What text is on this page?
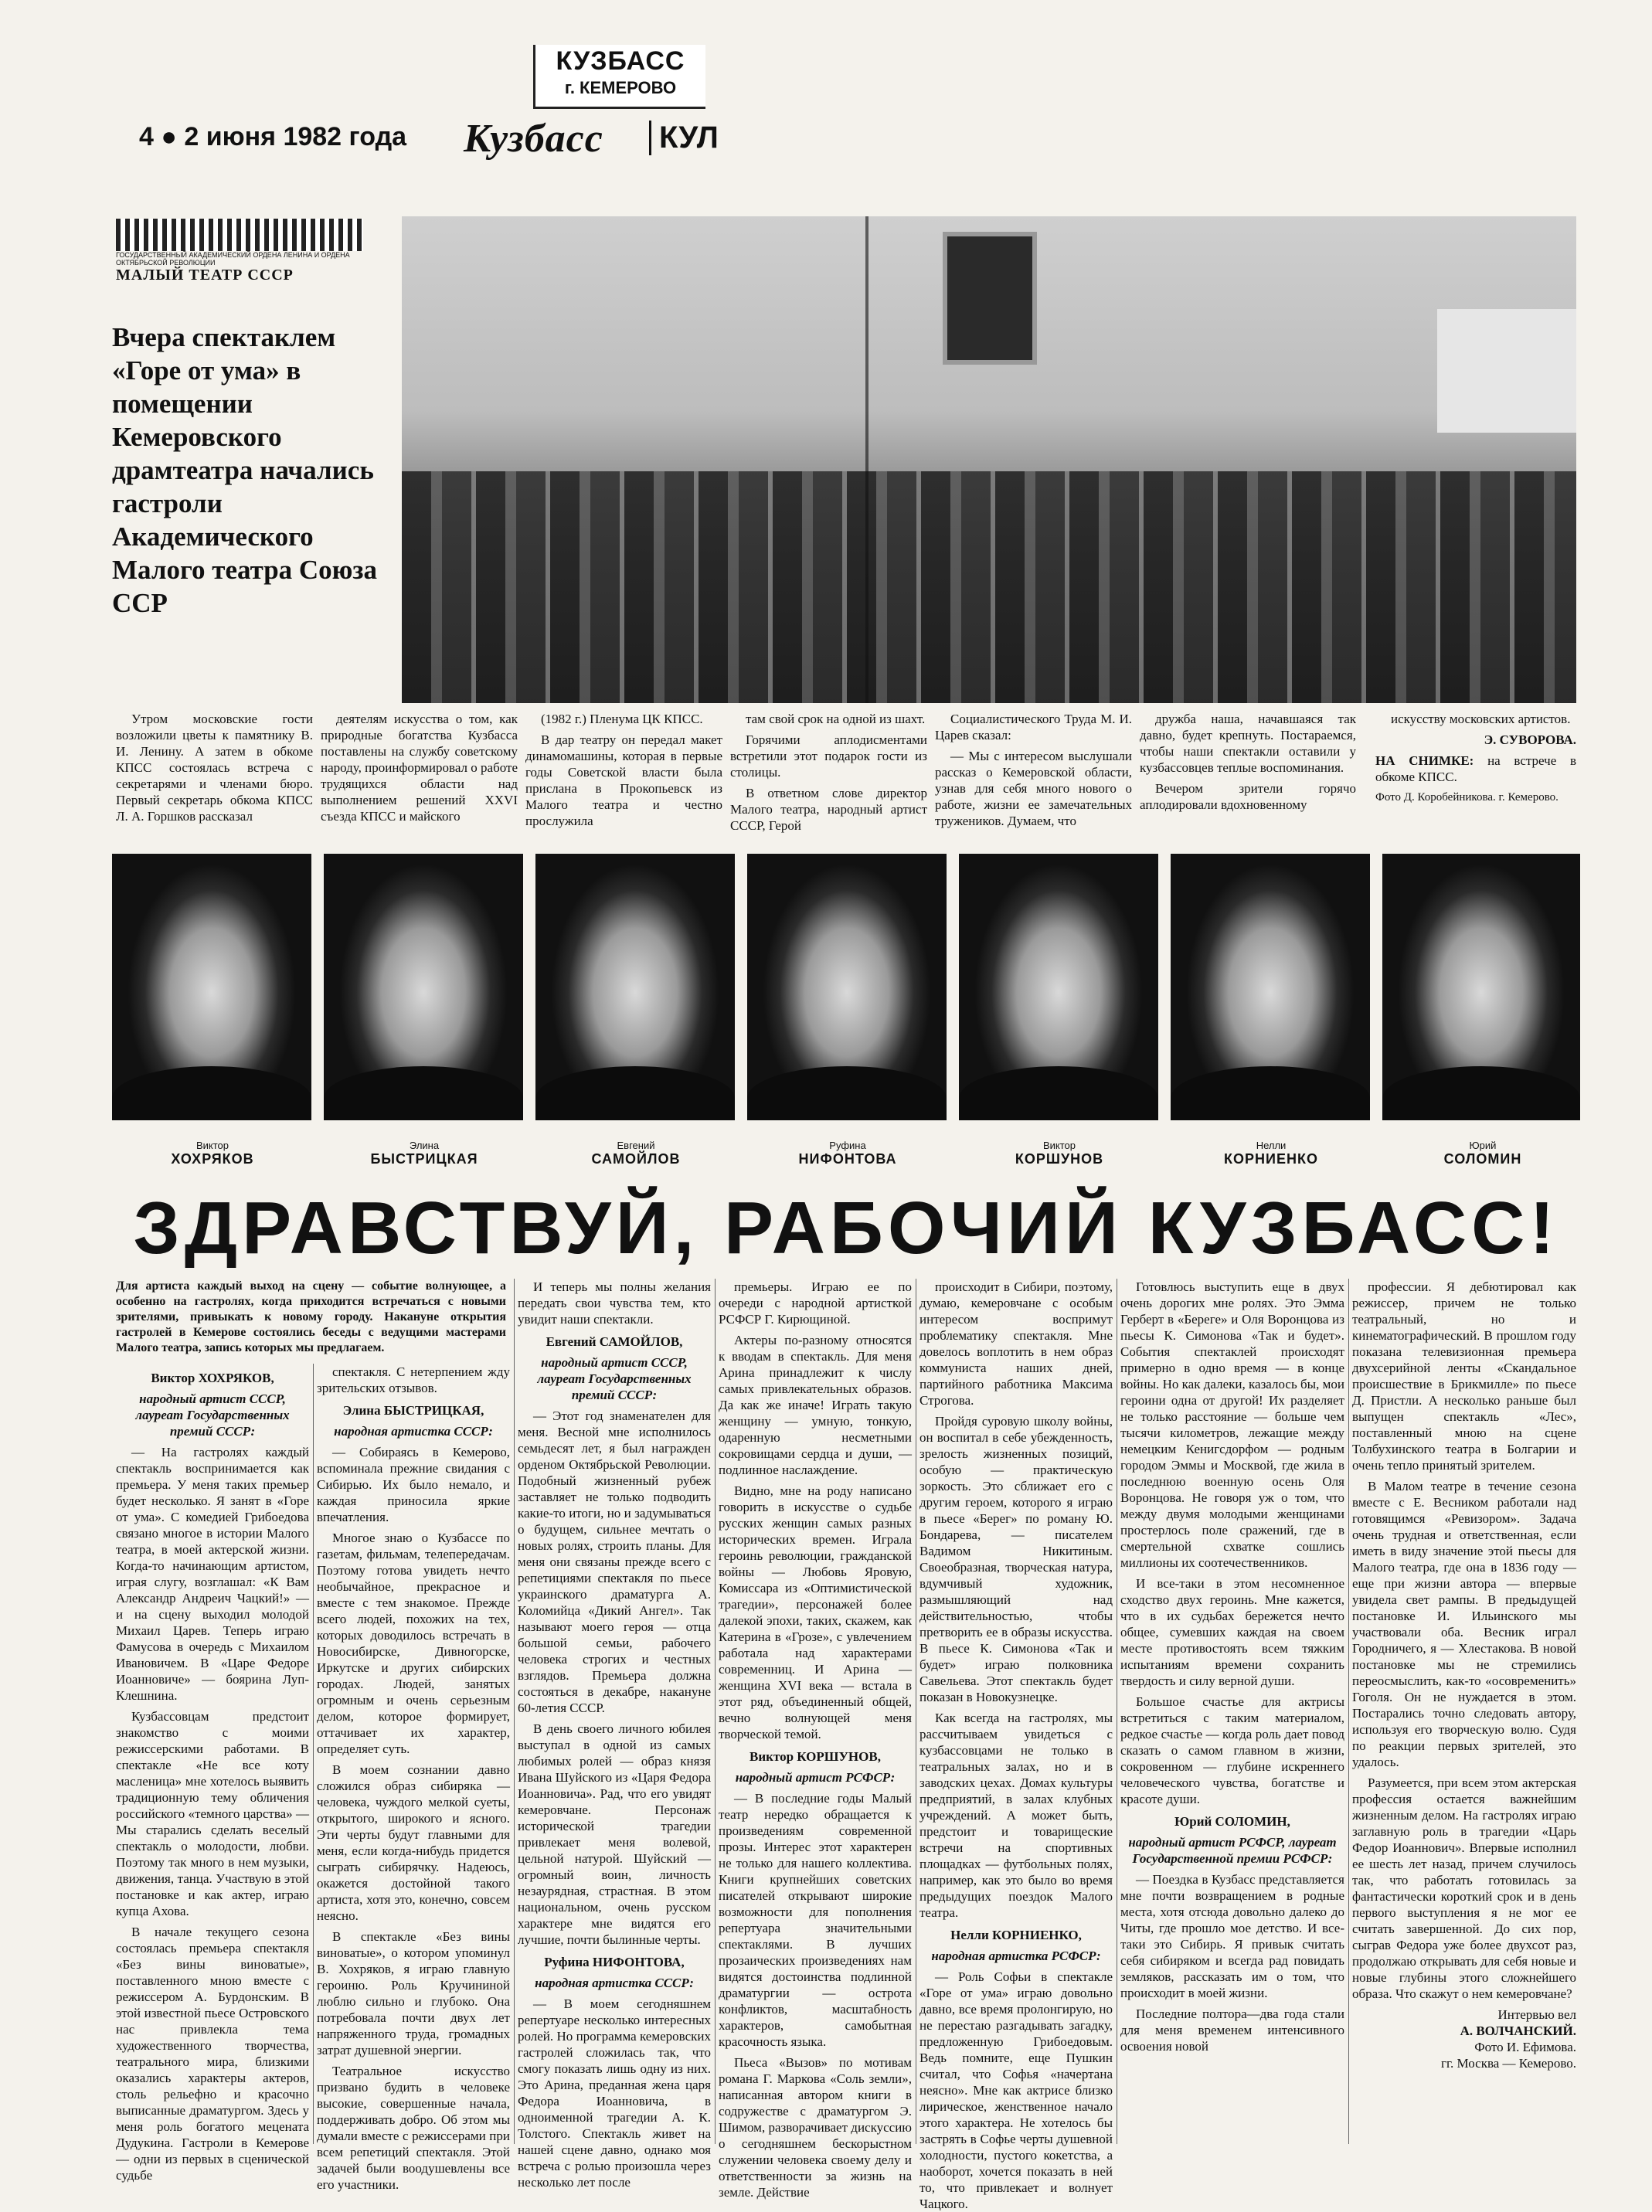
КУЗБАСС
г. КЕМЕРОВО
4 ● 2 июня 1982 года Кузбасс	КУЛ
ГОСУДАРСТВЕННЫЙ АКАДЕМИЧЕСКИЙ ОРДЕНА ЛЕНИНА И ОРДЕНА ОКТЯБРЬСКОЙ РЕВОЛЮЦИИ
МАЛЫЙ ТЕАТР СССР
Вчера спектаклем «Горе от ума» в помещении Кемеровского драмтеатра начались гастроли Академического Малого театра Союза ССР

Утром московские гости возложили цветы к памятнику В. И. Ленину. А затем в обкоме КПСС состоялась встреча с секретарями и членами бюро. Первый секретарь обкома КПСС Л. А. Горшков рассказал

деятелям искусства о том, как природные богатства Кузбасса поставлены на службу советскому народу, проинформировал о работе трудящихся области над выполнением решений XXVI съезда КПСС и майского

(1982 г.) Пленума ЦК КПСС.

В дар театру он передал макет динамомашины, которая в первые годы Советской власти была прислана в Прокопьевск из Малого театра и честно прослужила

там свой срок на одной из шахт.

Горячими аплодисментами встретили этот подарок гости из столицы.

В ответном слове директор Малого театра, народный артист СССР, Герой

Социалистического Труда М. И. Царев сказал:

— Мы с интересом выслушали рассказ о Кемеровской области, узнав для себя много нового о работе, жизни ее замечательных тружеников. Думаем, что

дружба наша, начавшаяся так давно, будет крепнуть. Постараемся, чтобы наши спектакли оставили у кузбассовцев теплые воспоминания.

Вечером зрители горячо аплодировали вдохновенному

искусству московских артистов.

Э. СУВОРОВА.

НА СНИМКЕ: на встрече в обкоме КПСС.

Фото Д. Коробейникова. г. Кемерово.

Виктор
ХОХРЯКОВ
Элина
БЫСТРИЦКАЯ
Евгений
САМОЙЛОВ
Руфина
НИФОНТОВА
Виктор
КОРШУНОВ
Нелли
КОРНИЕНКО
Юрий
СОЛОМИН
ЗДРАВСТВУЙ, РАБОЧИЙ КУЗБАСС!
Для артиста каждый выход на сцену — событие волнующее, а особенно на гастролях, когда приходится встречаться с новыми зрителями, привыкать к новому городу. Накануне открытия гастролей в Кемерове состоялись беседы с ведущими мастерами Малого театра, запись которых мы предлагаем.

Виктор ХОХРЯКОВ,

народный артист СССР, лауреат Государственных премий СССР:

— На гастролях каждый спектакль воспринимается как премьера. У меня таких премьер будет несколько. Я занят в «Горе от ума». С комедией Грибоедова связано многое в истории Малого театра, в моей актерской жизни. Когда-то начинающим артистом, играя слугу, возглашал: «К Вам Александр Андреич Чацкий!» — и на сцену выходил молодой Михаил Царев. Теперь играю Фамусова в очередь с Михаилом Ивановичем. В «Царе Федоре Иоанновиче» — боярина Луп-Клешнина.

Кузбассовцам предстоит знакомство с моими режиссерскими работами. В спектакле «Не все коту масленица» мне хотелось выявить традиционную тему обличения российского «темного царства» — Мы старались сделать веселый спектакль о молодости, любви. Поэтому так много в нем музыки, движения, танца. Участвую в этой постановке и как актер, играю купца Ахова.

В начале текущего сезона состоялась премьера спектакля «Без вины виноватые», поставленного мною вместе с режиссером А. Бурдонским. В этой известной пьесе Островского нас привлекла тема художественного творчества, театрального мира, близкими оказались характеры актеров, столь рельефно и красочно выписанные драматургом. Здесь у меня роль богатого мецената Дудукина. Гастроли в Кемерове — одни из первых в сценической судьбе

спектакля. С нетерпением жду зрительских отзывов.

Элина БЫСТРИЦКАЯ,

народная артистка СССР:

— Собираясь в Кемерово, вспоминала прежние свидания с Сибирью. Их было немало, и каждая приносила яркие впечатления.

Многое знаю о Кузбассе по газетам, фильмам, телепередачам. Поэтому готова увидеть нечто необычайное, прекрасное и вместе с тем знакомое. Прежде всего людей, похожих на тех, которых доводилось встречать в Новосибирске, Дивногорске, Иркутске и других сибирских городах. Людей, занятых огромным и очень серьезным делом, которое формирует, оттачивает их характер, определяет суть.

В моем сознании давно сложился образ сибиряка — человека, чуждого мелкой суеты, открытого, широкого и ясного. Эти черты будут главными для меня, если когда-нибудь придется сыграть сибирячку. Надеюсь, окажется достойной такого артиста, хотя это, конечно, совсем неясно.

В спектакле «Без вины виноватые», о котором упоминул В. Хохряков, я играю главную героиню. Роль Кручининой люблю сильно и глубоко. Она потребовала почти двух лет напряженного труда, громадных затрат душевной энергии.

Театральное искусство призвано будить в человеке высокие, совершенные начала, поддерживать добро. Об этом мы думали вместе с режиссерами при всем репетиций спектакля. Этой задачей были воодушевлены все его участники.

И теперь мы полны желания передать свои чувства тем, кто увидит наши спектакли.

Евгений САМОЙЛОВ,

народный артист СССР, лауреат Государственных премий СССР:

— Этот год знаменателен для меня. Весной мне исполнилось семьдесят лет, я был награжден орденом Октябрьской Революции. Подобный жизненный рубеж заставляет не только подводить какие-то итоги, но и задумываться о будущем, сильнее мечтать о новых ролях, строить планы. Для меня они связаны прежде всего с репетициями спектакля по пьесе украинского драматурга А. Коломийца «Дикий Ангел». Так называют моего героя — отца большой семьи, рабочего человека строгих и честных взглядов. Премьера должна состояться в декабре, накануне 60-летия СССР.

В день своего личного юбилея выступал в одной из самых любимых ролей — образ князя Ивана Шуйского из «Царя Федора Иоанновича». Рад, что его увидят кемеровчане. Персонаж исторической трагедии привлекает меня волевой, цельной натурой. Шуйский — огромный воин, личность незаурядная, страстная. В этом национальном, очень русском характере мне видятся его лучшие, почти былинные черты.

Руфина НИФОНТОВА,

народная артистка СССР:

— В моем сегодняшнем репертуаре несколько интересных ролей. Но программа кемеровских гастролей сложилась так, что смогу показать лишь одну из них. Это Арина, преданная жена царя Федора Иоанновича, в одноименной трагедии А. К. Толстого. Спектакль живет на нашей сцене давно, однако моя встреча с ролью произошла через несколько лет после

премьеры. Играю ее по очереди с народной артисткой РСФСР Г. Кирющиной.

Актеры по-разному относятся к вводам в спектакль. Для меня Арина принадлежит к числу самых привлекательных образов. Да как же иначе! Играть такую женщину — умную, тонкую, одаренную несметными сокровищами сердца и души, — подлинное наслаждение.

Видно, мне на роду написано говорить в искусстве о судьбе русских женщин самых разных исторических времен. Играла героинь революции, гражданской войны — Любовь Яровую, Комиссара из «Оптимистической трагедии», персонажей более далекой эпохи, таких, скажем, как Катерина в «Грозе», с увлечением работала над характерами современниц. И Арина — женщина XVI века — встала в этот ряд, объединенный общей, вечно волнующей меня творческой темой.

Виктор КОРШУНОВ,

народный артист РСФСР:

— В последние годы Малый театр нередко обращается к произведениям современной прозы. Интерес этот характерен не только для нашего коллектива. Книги крупнейших советских писателей открывают широкие возможности для пополнения репертуара значительными спектаклями. В лучших прозаических произведениях нам видятся достоинства подлинной драматургии — острота конфликтов, масштабность характеров, самобытная красочность языка.

Пьеса «Вызов» по мотивам романа Г. Маркова «Соль земли», написанная автором книги в содружестве с драматургом Э. Шимом, разворачивает дискуссию о сегодняшнем бескорыстном служении человека своему делу и ответственности за жизнь на земле. Действие

происходит в Сибири, поэтому, думаю, кемеровчане с особым интересом воспримут проблематику спектакля. Мне довелось воплотить в нем образ коммуниста наших дней, партийного работника Максима Строгова.

Пройдя суровую школу войны, он воспитал в себе убежденность, зрелость жизненных позиций, особую — практическую зоркость. Это сближает его с другим героем, которого я играю в пьесе «Берег» по роману Ю. Бондарева, — писателем Вадимом Никитиным. Своеобразная, творческая натура, вдумчивый художник, размышляющий над действительностью, чтобы претворить ее в образы искусства. В пьесе К. Симонова «Так и будет» играю полковника Савельева. Этот спектакль будет показан в Новокузнецке.

Как всегда на гастролях, мы рассчитываем увидеться с кузбассовцами не только в театральных залах, но и в заводских цехах. Домах культуры предприятий, в залах клубных учреждений. А может быть, предстоит и товарищеские встречи на спортивных площадках — футбольных полях, например, как это было во время предыдущих поездок Малого театра.

Нелли КОРНИЕНКО,

народная артистка РСФСР:

— Роль Софьи в спектакле «Горе от ума» играю довольно давно, все время пролонгирую, но не перестаю разгадывать загадку, предложенную Грибоедовым. Ведь помните, еще Пушкин считал, что Софья «начертана неясно». Мне как актрисе близко лирическое, женственное начало этого характера. Не хотелось бы застрять в Софье черты душевной холодности, пустого кокетства, а наоборот, хочется показать в ней то, что привлекает и волнует Чацкого.

Готовлюсь выступить еще в двух очень дорогих мне ролях. Это Эмма Герберт в «Береге» и Оля Воронцова из пьесы К. Симонова «Так и будет». События спектаклей происходят примерно в одно время — в конце войны. Но как далеки, казалось бы, мои героини одна от другой! Их разделяет не только расстояние — больше чем тысячи километров, лежащие между немецким Кенигсдорфом — родным городом Эммы и Москвой, где жила в последнюю военную осень Оля Воронцова. Не говоря уж о том, что между двумя молодыми женщинами простерлось поле сражений, где в смертельной схватке сошлись миллионы их соотечественников.

И все-таки в этом несомненное сходство двух героинь. Мне кажется, что в их судьбах бережется нечто общее, сумевших каждая на своем месте противостоять всем тяжким испытаниям времени сохранить твердость и силу верной души.

Большое счастье для актрисы встретиться с таким материалом, редкое счастье — когда роль дает повод сказать о самом главном в жизни, сокровенном — глубине искреннего человеческого чувства, богатстве и красоте души.

Юрий СОЛОМИН,

народный артист РСФСР, лауреат Государственной премии РСФСР:

— Поездка в Кузбасс представляется мне почти возвращением в родные места, хотя отсюда довольно далеко до Читы, где прошло мое детство. И все-таки это Сибирь. Я привык считать себя сибиряком и всегда рад повидать земляков, рассказать им о том, что происходит в моей жизни.

Последние полтора—два года стали для меня временем интенсивного освоения новой

профессии. Я дебютировал как режиссер, причем не только театральный, но и кинематографический. В прошлом году показана телевизионная премьера двухсерийной ленты «Скандальное происшествие в Брикмилле» по пьесе Д. Пристли. А несколько раньше был выпущен спектакль «Лес», поставленный мною на сцене Толбухинского театра в Болгарии и очень тепло принятый зрителем.

В Малом театре в течение сезона вместе с Е. Весником работали над готовящимся «Ревизором». Задача очень трудная и ответственная, если иметь в виду значение этой пьесы для Малого театра, где она в 1836 году — еще при жизни автора — впервые увидела свет рампы. В предыдущей постановке И. Ильинского мы участвовали оба. Весник играл Городничего, я — Хлестакова. В новой постановке мы не стремились переосмыслить, как-то «осовременить» Гоголя. Он не нуждается в этом. Постарались точно следовать автору, используя его творческую волю. Судя по реакции первых зрителей, это удалось.

Разумеется, при всем этом актерская профессия остается важнейшим жизненным делом. На гастролях играю заглавную роль в трагедии «Царь Федор Иоаннович». Впервые исполнил ее шесть лет назад, причем случилось так, что работать готовилась за фантастически короткий срок и в день первого выступления я не мог ее считать завершенной. До сих пор, сыграв Федора уже более двухсот раз, продолжаю открывать для себя новые и новые глубины этого сложнейшего образа. Что скажут о нем кемеровчане?

Интервью вел

А. ВОЛЧАНСКИЙ.

Фото И. Ефимова.

гг. Москва — Кемерово.
